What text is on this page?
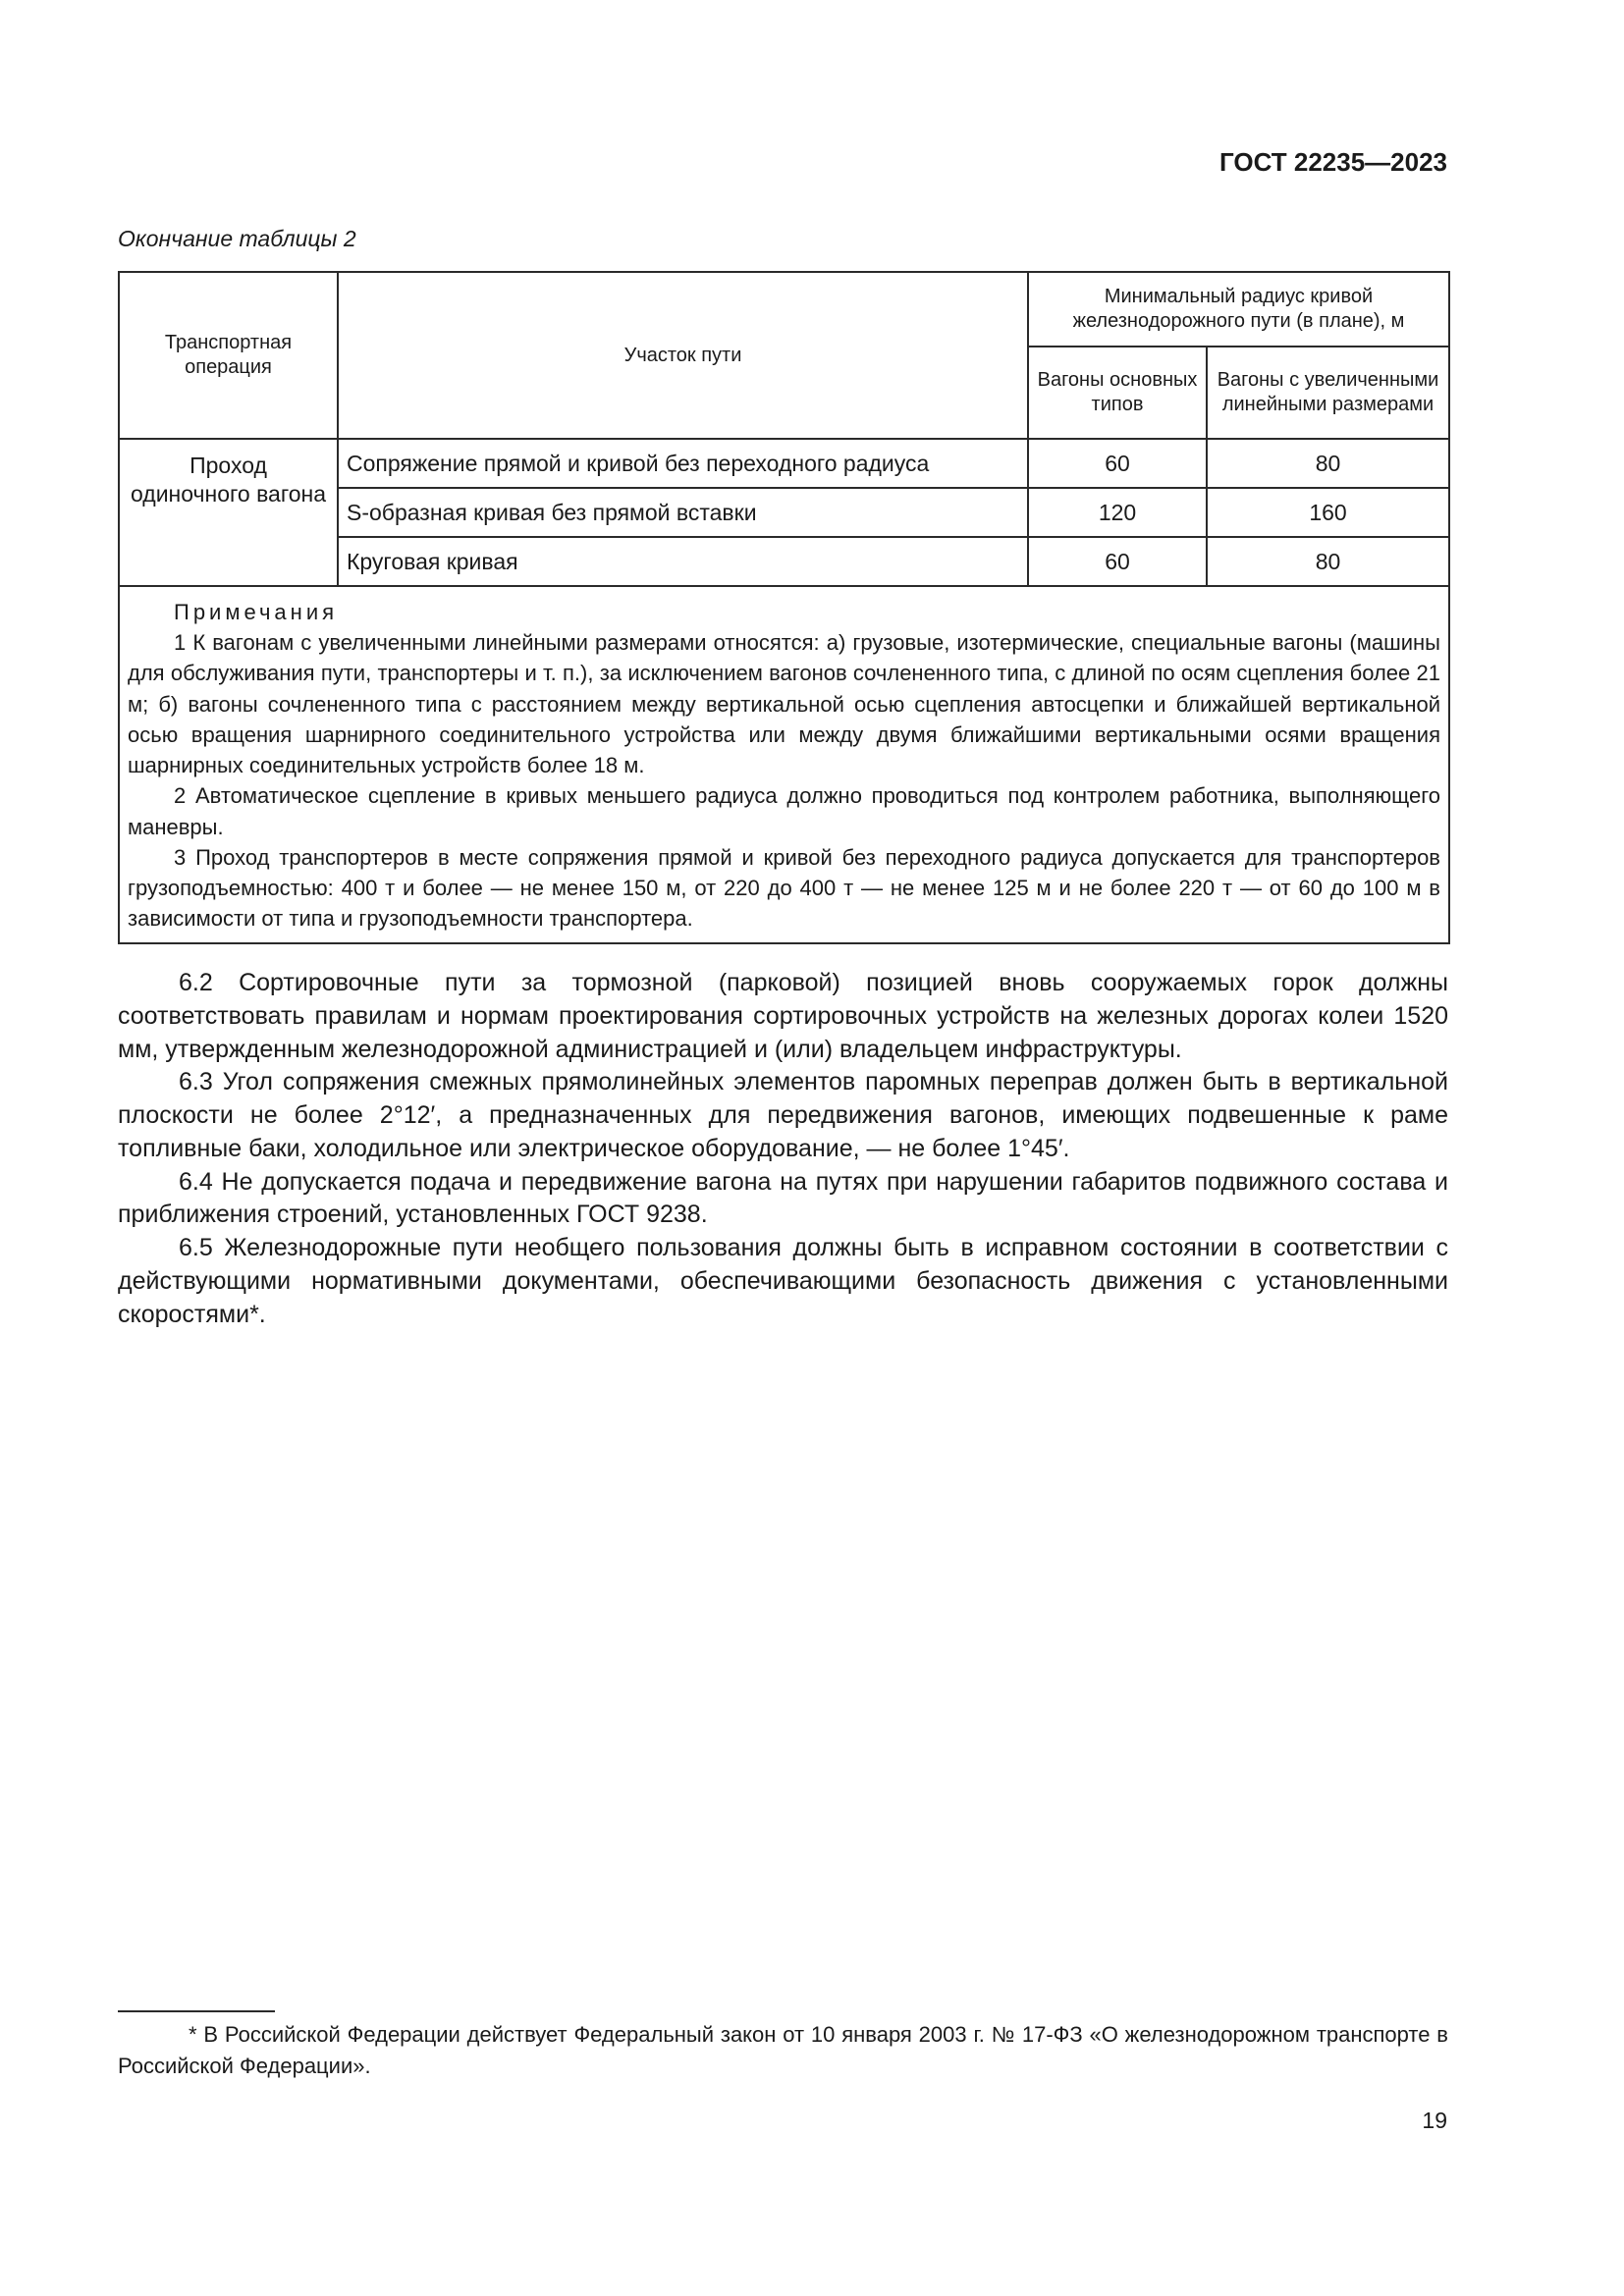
ГОСТ 22235—2023
Окончание таблицы 2
Транспортная операция	Участок пути	Минимальный радиус кривой железнодорожного пути (в плане), м	
		Вагоны основных типов	Вагоны с увеличенными линейными размерами
Проход одиночного вагона	Сопряжение прямой и кривой без переходного радиуса	60	80
	S-образная кривая без прямой вставки	120	160
	Круговая кривая	60	80

Примечания
1 К вагонам с увеличенными линейными размерами относятся: а) грузовые, изотермические, специальные вагоны (машины для обслуживания пути, транспортеры и т. п.), за исключением вагонов сочлененного типа, с длиной по осям сцепления более 21 м; б) вагоны сочлененного типа с расстоянием между вертикальной осью сцепления автосцепки и ближайшей вертикальной осью вращения шарнирного соединительного устройства или между двумя ближайшими вертикальными осями вращения шарнирных соединительных устройств более 18 м.
2 Автоматическое сцепление в кривых меньшего радиуса должно проводиться под контролем работника, выполняющего маневры.
3 Проход транспортеров в месте сопряжения прямой и кривой без переходного радиуса допускается для транспортеров грузоподъемностью: 400 т и более — не менее 150 м, от 220 до 400 т — не менее 125 м и не более 220 т — от 60 до 100 м в зависимости от типа и грузоподъемности транспортера.			

6.2 Сортировочные пути за тормозной (парковой) позицией вновь сооружаемых горок должны соответствовать правилам и нормам проектирования сортировочных устройств на железных дорогах колеи 1520 мм, утвержденным железнодорожной администрацией и (или) владельцем инфраструктуры.

6.3 Угол сопряжения смежных прямолинейных элементов паромных переправ должен быть в вертикальной плоскости не более 2°12′, а предназначенных для передвижения вагонов, имеющих подвешенные к раме топливные баки, холодильное или электрическое оборудование, — не более 1°45′.

6.4 Не допускается подача и передвижение вагона на путях при нарушении габаритов подвижного состава и приближения строений, установленных ГОСТ 9238.

6.5 Железнодорожные пути необщего пользования должны быть в исправном состоянии в соответствии с действующими нормативными документами, обеспечивающими безопасность движения с установленными скоростями*.

* В Российской Федерации действует Федеральный закон от 10 января 2003 г. № 17-ФЗ «О железнодорожном транспорте в Российской Федерации».
19
